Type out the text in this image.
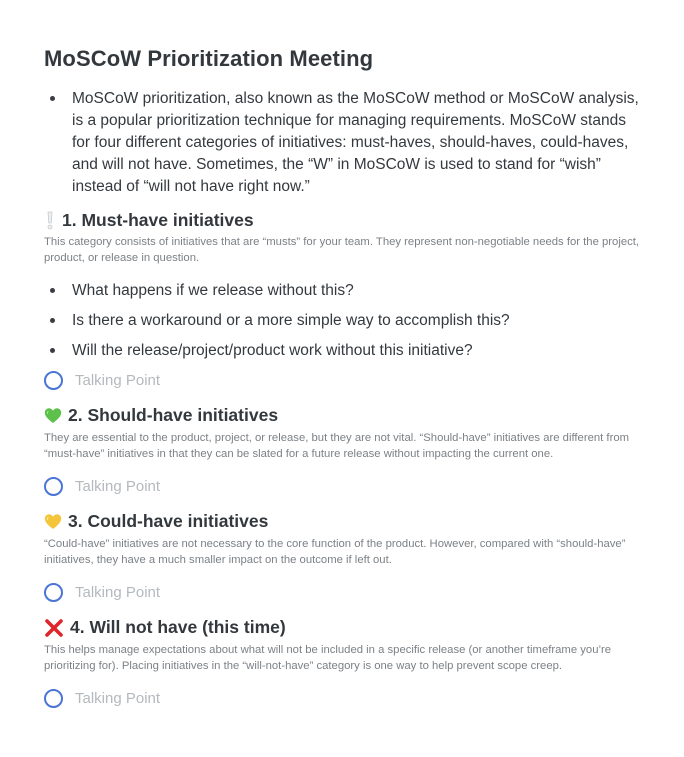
MoSCoW Prioritization Meeting
MoSCoW prioritization, also known as the MoSCoW method or MoSCoW analysis, is a popular prioritization technique for managing requirements. MoSCoW stands for four different categories of initiatives: must-haves, should-haves, could-haves, and will not have. Sometimes, the “W” in MoSCoW is used to stand for “wish” instead of “will not have right now.”
1. Must-have initiatives
This category consists of initiatives that are “musts” for your team. They represent non-negotiable needs for the project, product, or release in question.
What happens if we release without this?
Is there a workaround or a more simple way to accomplish this?
Will the release/project/product work without this initiative?
Talking Point
2. Should-have initiatives
They are essential to the product, project, or release, but they are not vital. “Should-have” initiatives are different from “must-have” initiatives in that they can be slated for a future release without impacting the current one.
Talking Point
3. Could-have initiatives
“Could-have” initiatives are not necessary to the core function of the product. However, compared with “should-have” initiatives, they have a much smaller impact on the outcome if left out.
Talking Point
4. Will not have (this time)
This helps manage expectations about what will not be included in a specific release (or another timeframe you’re prioritizing for). Placing initiatives in the “will-not-have” category is one way to help prevent scope creep.
Talking Point
